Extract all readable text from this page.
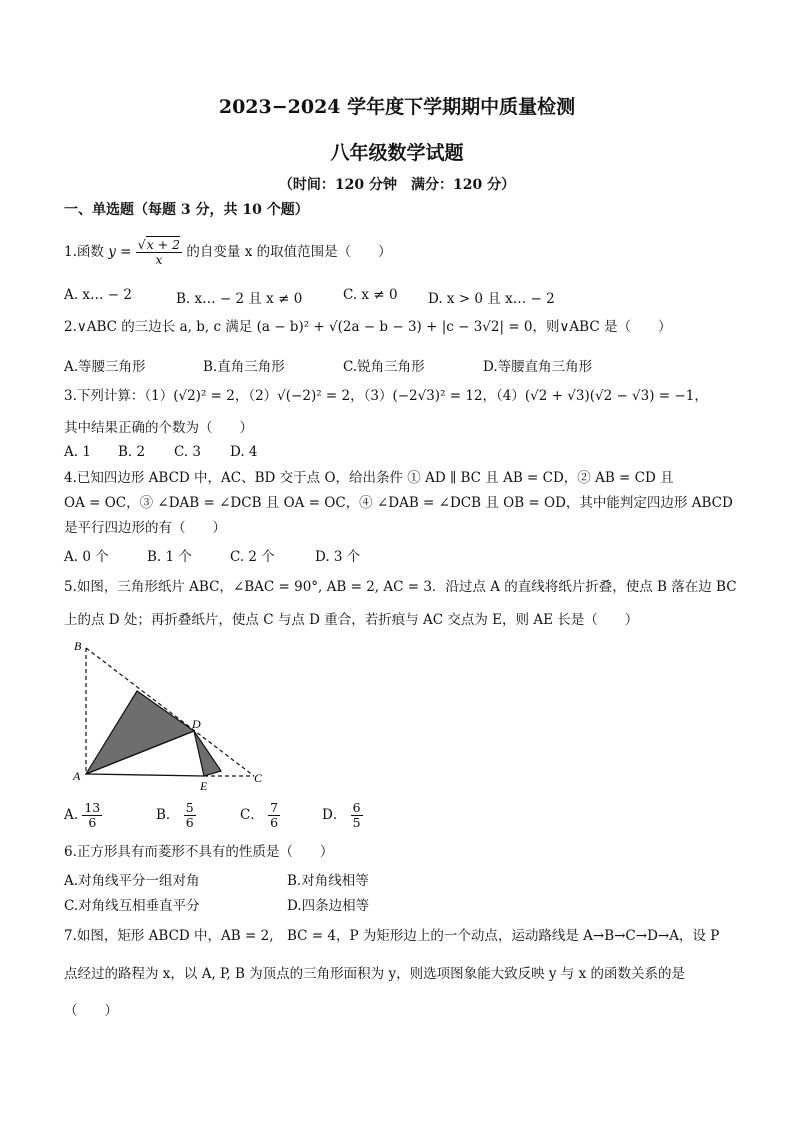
2023−2024 学年度下学期期中质量检测
八年级数学试题
（时间：120 分钟　满分：120 分）
一、单选题（每题 3 分，共 10 个题）
1.函数 $y = \frac{√x + 2}{x}$ 的自变量 x 的取值范围是（　　）
A. x… − 2	B. x… − 2 且 x ≠ 0	C. x ≠ 0 D. x > 0 且 x… − 2
2.∨ABC 的三边长 a, b, c 满足 (a − b)² + √(2a − b − 3) + |c − 3√2| = 0，则∨ABC 是（　　）
A.等腰三角形	B.直角三角形	C.锐角三角形	D.等腰直角三角形
3.下列计算：（1）(√2)² = 2，（2）√(−2)² = 2，（3）(−2√3)² = 12，（4）(√2 + √3)(√2 − √3) = −1，
其中结果正确的个数为（　　）
A. 1 B. 2 C. 3 D. 4
4.已知四边形 ABCD 中，AC、BD 交于点 O，给出条件 ① AD ∥ BC 且 AB = CD，② AB = CD 且
OA = OC，③ ∠DAB = ∠DCB 且 OA = OC，④ ∠DAB = ∠DCB 且 OB = OD，其中能判定四边形 ABCD
是平行四边形的有（　　）
A. 0 个	B. 1 个	C. 2 个	D. 3 个
5.如图，三角形纸片 ABC，∠BAC = 90°, AB = 2, AC = 3．沿过点 A 的直线将纸片折叠，使点 B 落在边 BC
上的点 D 处；再折叠纸片，使点 C 与点 D 重合，若折痕与 AC 交点为 E，则 AE 长是（　　）
B
D
A
E
C
A. $\frac{13}{6}$	B． $\frac{5}{6}$	C． $\frac{7}{6}$	D． $\frac{6}{5}$
6.正方形具有而菱形不具有的性质是（　　）
A.对角线平分一组对角	B.对角线相等
C.对角线互相垂直平分	D.四条边相等
7.如图，矩形 ABCD 中，AB = 2,　BC = 4，P 为矩形边上的一个动点，运动路线是 A→B→C→D→A，设 P
点经过的路程为 x，以 A, P, B 为顶点的三角形面积为 y，则选项图象能大致反映 y 与 x 的函数关系的是
（　　）
